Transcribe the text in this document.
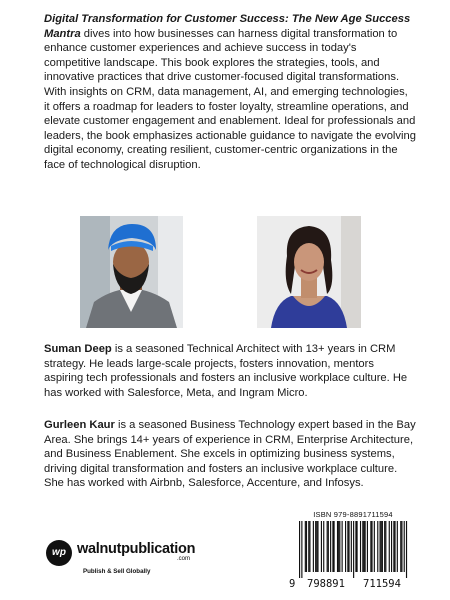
Digital Transformation for Customer Success: The New Age Success Mantra dives into how businesses can harness digital transformation to enhance customer experiences and achieve success in today's competitive landscape. This book explores the strategies, tools, and innovative practices that drive customer-focused digital transformations. With insights on CRM, data management, AI, and emerging technologies, it offers a roadmap for leaders to foster loyalty, streamline operations, and elevate customer engagement and enablement. Ideal for professionals and leaders, the book emphasizes actionable guidance to navigate the evolving digital economy, creating resilient, customer-centric organizations in the face of technological disruption.

Suman Deep is a seasoned Technical Architect with 13+ years in CRM strategy. He leads large-scale projects, fosters innovation, mentors aspiring tech professionals and fosters an inclusive workplace culture. He has worked with Salesforce, Meta, and Ingram Micro.

Gurleen Kaur is a seasoned Business Technology expert based in the Bay Area. She brings 14+ years of experience in CRM, Enterprise Architecture, and Business Enablement. She excels in optimizing business systems, driving digital transformation and fosters an inclusive workplace culture. She has worked with Airbnb, Salesforce, Accenture, and Infosys.

wp walnutpublication
.com
Publish & Sell Globally
ISBN 979-8891711594
9 798891 711594
